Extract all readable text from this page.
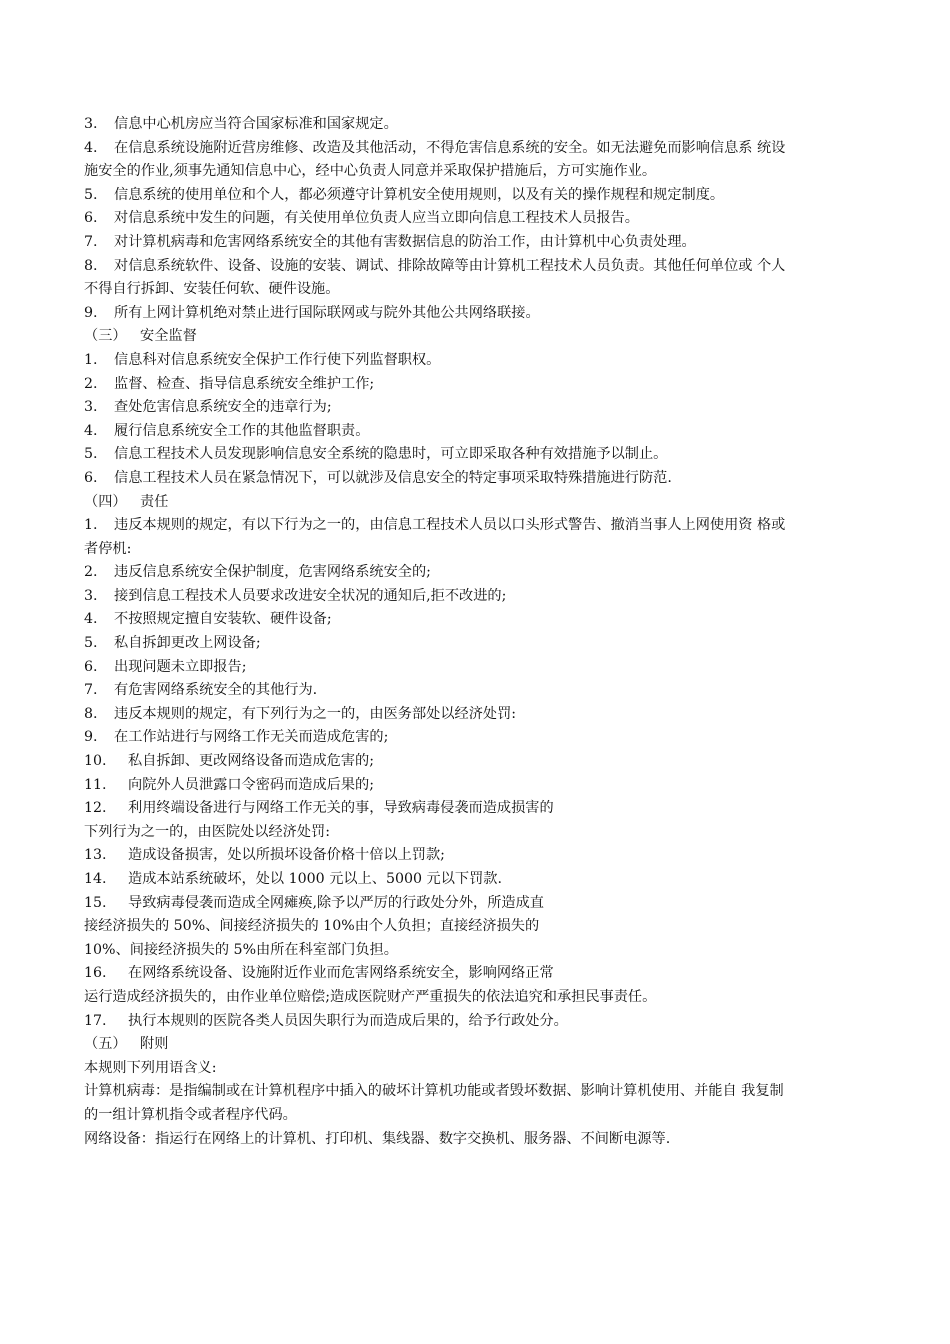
3. 信息中心机房应当符合国家标准和国家规定。
4. 在信息系统设施附近营房维修、改造及其他活动，不得危害信息系统的安全。如无法避免而影响信息系 统设
施安全的作业,须事先通知信息中心，经中心负责人同意并采取保护措施后，方可实施作业。
5. 信息系统的使用单位和个人，都必须遵守计算机安全使用规则，以及有关的操作规程和规定制度。
6. 对信息系统中发生的问题，有关使用单位负责人应当立即向信息工程技术人员报告。
7. 对计算机病毒和危害网络系统安全的其他有害数据信息的防治工作，由计算机中心负责处理。
8. 对信息系统软件、设备、设施的安装、调试、排除故障等由计算机工程技术人员负责。其他任何单位或 个人
不得自行拆卸、安装任何软、硬件设施。
9. 所有上网计算机绝对禁止进行国际联网或与院外其他公共网络联接。
（三） 安全监督
1. 信息科对信息系统安全保护工作行使下列监督职权。
2. 监督、检查、指导信息系统安全维护工作;
3. 查处危害信息系统安全的违章行为;
4. 履行信息系统安全工作的其他监督职责。
5. 信息工程技术人员发现影响信息安全系统的隐患时，可立即采取各种有效措施予以制止。
6. 信息工程技术人员在紧急情况下，可以就涉及信息安全的特定事项采取特殊措施进行防范.
（四） 责任
1. 违反本规则的规定，有以下行为之一的，由信息工程技术人员以口头形式警告、撤消当事人上网使用资 格或
者停机:
2. 违反信息系统安全保护制度，危害网络系统安全的;
3. 接到信息工程技术人员要求改进安全状况的通知后,拒不改进的;
4. 不按照规定擅自安装软、硬件设备;
5. 私自拆卸更改上网设备;
6. 出现问题未立即报告;
7. 有危害网络系统安全的其他行为.
8. 违反本规则的规定，有下列行为之一的，由医务部处以经济处罚:
9. 在工作站进行与网络工作无关而造成危害的;
10. 私自拆卸、更改网络设备而造成危害的;
11. 向院外人员泄露口令密码而造成后果的;
12. 利用终端设备进行与网络工作无关的事，导致病毒侵袭而造成损害的
下列行为之一的，由医院处以经济处罚:
13. 造成设备损害，处以所损坏设备价格十倍以上罚款;
14. 造成本站系统破坏，处以 1000 元以上、5000 元以下罚款.
15. 导致病毒侵袭而造成全网瘫痪,除予以严厉的行政处分外，所造成直
接经济损失的 50%、间接经济损失的 10%由个人负担；直接经济损失的
10%、间接经济损失的 5%由所在科室部门负担。
16. 在网络系统设备、设施附近作业而危害网络系统安全，影响网络正常
运行造成经济损失的，由作业单位赔偿;造成医院财产严重损失的依法追究和承担民事责任。
17. 执行本规则的医院各类人员因失职行为而造成后果的，给予行政处分。
（五） 附则
本规则下列用语含义:
计算机病毒：是指编制或在计算机程序中插入的破坏计算机功能或者毁坏数据、影响计算机使用、并能自 我复制
的一组计算机指令或者程序代码。
网络设备：指运行在网络上的计算机、打印机、集线器、数字交换机、服务器、不间断电源等.
